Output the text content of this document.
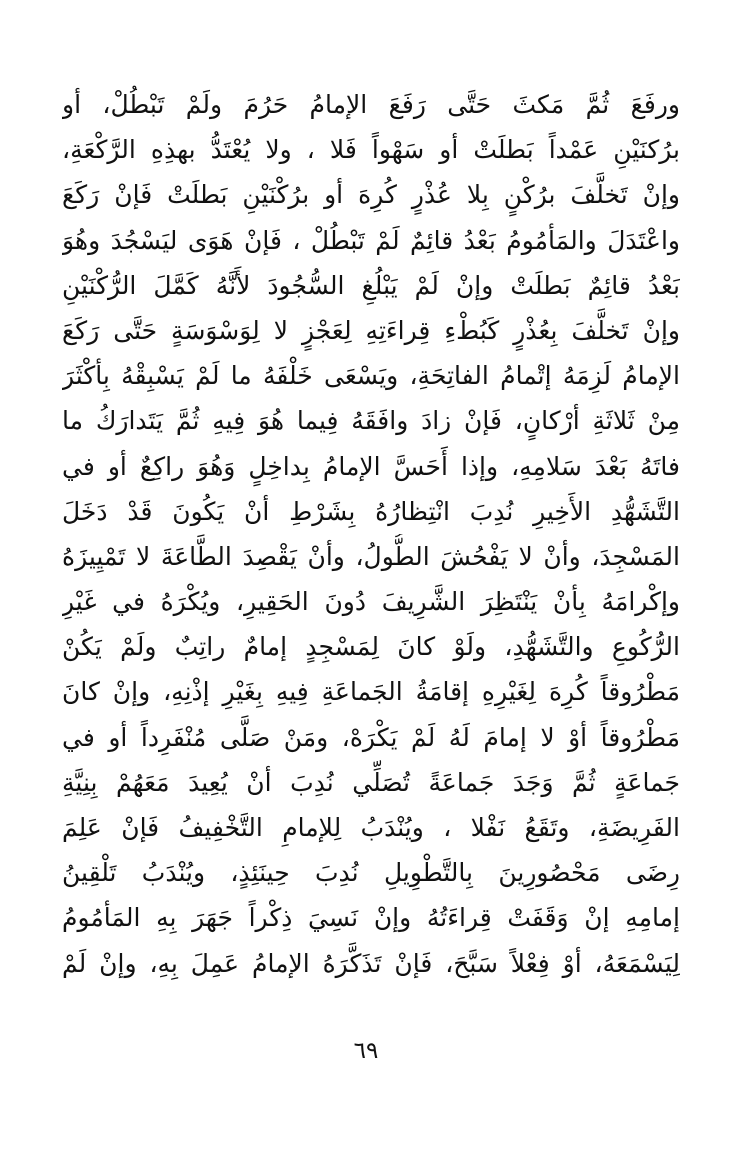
ورفَعَ ثُمَّ مَكثَ حَتَّى رَفَعَ الإمامُ حَرُمَ ولَمْ تَبْطُلْ، أو
برُكنَيْنِ عَمْداً بَطلَتْ أو سَهْواً فَلا ، ولا يُعْتَدُّ بهذِهِ الرَّكْعَةِ،
وإنْ تَخلَّفَ برُكْنٍ بِلا عُذْرٍ كُرِهَ أو برُكْنَيْنِ بَطلَتْ فَإنْ رَكَعَ
واعْتَدَلَ والمَأمُومُ بَعْدُ قائِمٌ لَمْ تَبْطُلْ ، فَإنْ هَوَى ليَسْجُدَ وهُوَ
بَعْدُ قائِمٌ بَطلَتْ وإنْ لَمْ يَبْلُغِ السُّجُودَ لأَنَّهُ كَمَّلَ الرُّكْنَيْنِ
وإنْ تَخلَّفَ بِعُذْرٍ كَبُطْءِ قِراءَتِهِ لِعَجْزٍ لا لِوَسْوَسَةٍ حَتَّى رَكَعَ
الإمامُ لَزِمَهُ إتْمامُ الفاتِحَةِ، ويَسْعَى خَلْفَهُ ما لَمْ يَسْبِقْهُ بِأكْثَرَ
مِنْ ثَلاثَةِ أرْكانٍ، فَإنْ زادَ وافَقَهُ فِيما هُوَ فِيهِ ثُمَّ يَتَدارَكُ ما
فاتَهُ بَعْدَ سَلامِهِ، وإذا أَحَسَّ الإمامُ بِداخِلٍ وَهُوَ راكِعٌ أو في
التَّشَهُّدِ الأَخِيرِ نُدِبَ انْتِظارُهُ بِشَرْطِ أنْ يَكُونَ قَدْ دَخَلَ
المَسْجِدَ، وأنْ لا يَفْحُشَ الطُّولُ، وأنْ يَقْصِدَ الطَّاعَةَ لا تَمْيِيزَهُ
وإكْرامَهُ بِأنْ يَنْتَظِرَ الشَّرِيفَ دُونَ الحَقِيرِ، ويُكْرَهُ في غَيْرِ
الرُّكُوعِ والتَّشَهُّدِ، ولَوْ كانَ لِمَسْجِدٍ إمامٌ راتِبٌ ولَمْ يَكُنْ
مَطْرُوقاً كُرِهَ لِغَيْرِهِ إقامَةُ الجَماعَةِ فِيهِ بِغَيْرِ إذْنِهِ، وإنْ كانَ
مَطْرُوقاً أوْ لا إمامَ لَهُ لَمْ يَكْرَهْ، ومَنْ صَلَّى مُنْفَرِداً أو في
جَماعَةٍ ثُمَّ وَجَدَ جَماعَةً تُصَلِّي نُدِبَ أنْ يُعِيدَ مَعَهُمْ بِنِيَّةِ
الفَرِيضَةِ، وتَقَعُ نَفْلا ، ويُنْدَبُ لِلإمامِ التَّخْفِيفُ فَإنْ عَلِمَ
رِضَى مَحْصُورِينَ بِالتَّطْوِيلِ نُدِبَ حِينَئِذٍ، ويُنْدَبُ تَلْقِينُ
إمامِهِ إنْ وَقَفَتْ قِراءَتُهُ وإنْ نَسِيَ ذِكْراً جَهَرَ بِهِ المَأمُومُ
لِيَسْمَعَهُ، أوْ فِعْلاً سَبَّحَ، فَإنْ تَذَكَّرَهُ الإمامُ عَمِلَ بِهِ، وإنْ لَمْ
٦٩
